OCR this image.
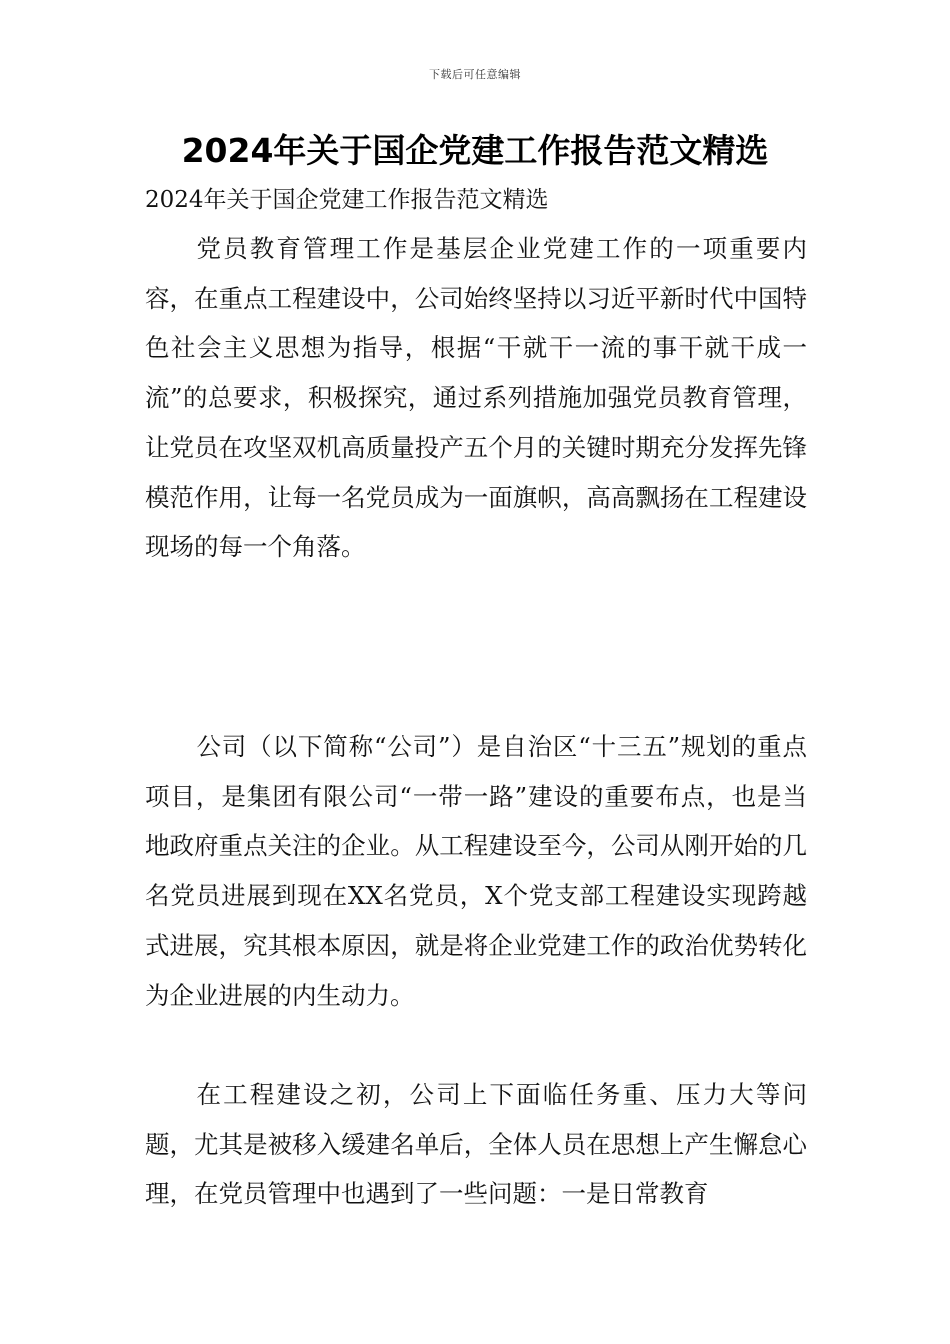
下载后可任意编辑
2024年关于国企党建工作报告范文精选

2024年关于国企党建工作报告范文精选

党员教育管理工作是基层企业党建工作的一项重要内容，在重点工程建设中，公司始终坚持以习近平新时代中国特色社会主义思想为指导，根据“干就干一流的事干就干成一流”的总要求，积极探究，通过系列措施加强党员教育管理，让党员在攻坚双机高质量投产五个月的关键时期充分发挥先锋模范作用，让每一名党员成为一面旗帜，高高飘扬在工程建设现场的每一个角落。

公司（以下简称“公司”）是自治区“十三五”规划的重点项目，是集团有限公司“一带一路”建设的重要布点，也是当地政府重点关注的企业。从工程建设至今，公司从刚开始的几名党员进展到现在XX名党员，X个党支部工程建设实现跨越式进展，究其根本原因，就是将企业党建工作的政治优势转化为企业进展的内生动力。

在工程建设之初，公司上下面临任务重、压力大等问题，尤其是被移入缓建名单后，全体人员在思想上产生懈怠心理，在党员管理中也遇到了一些问题：一是日常教育
